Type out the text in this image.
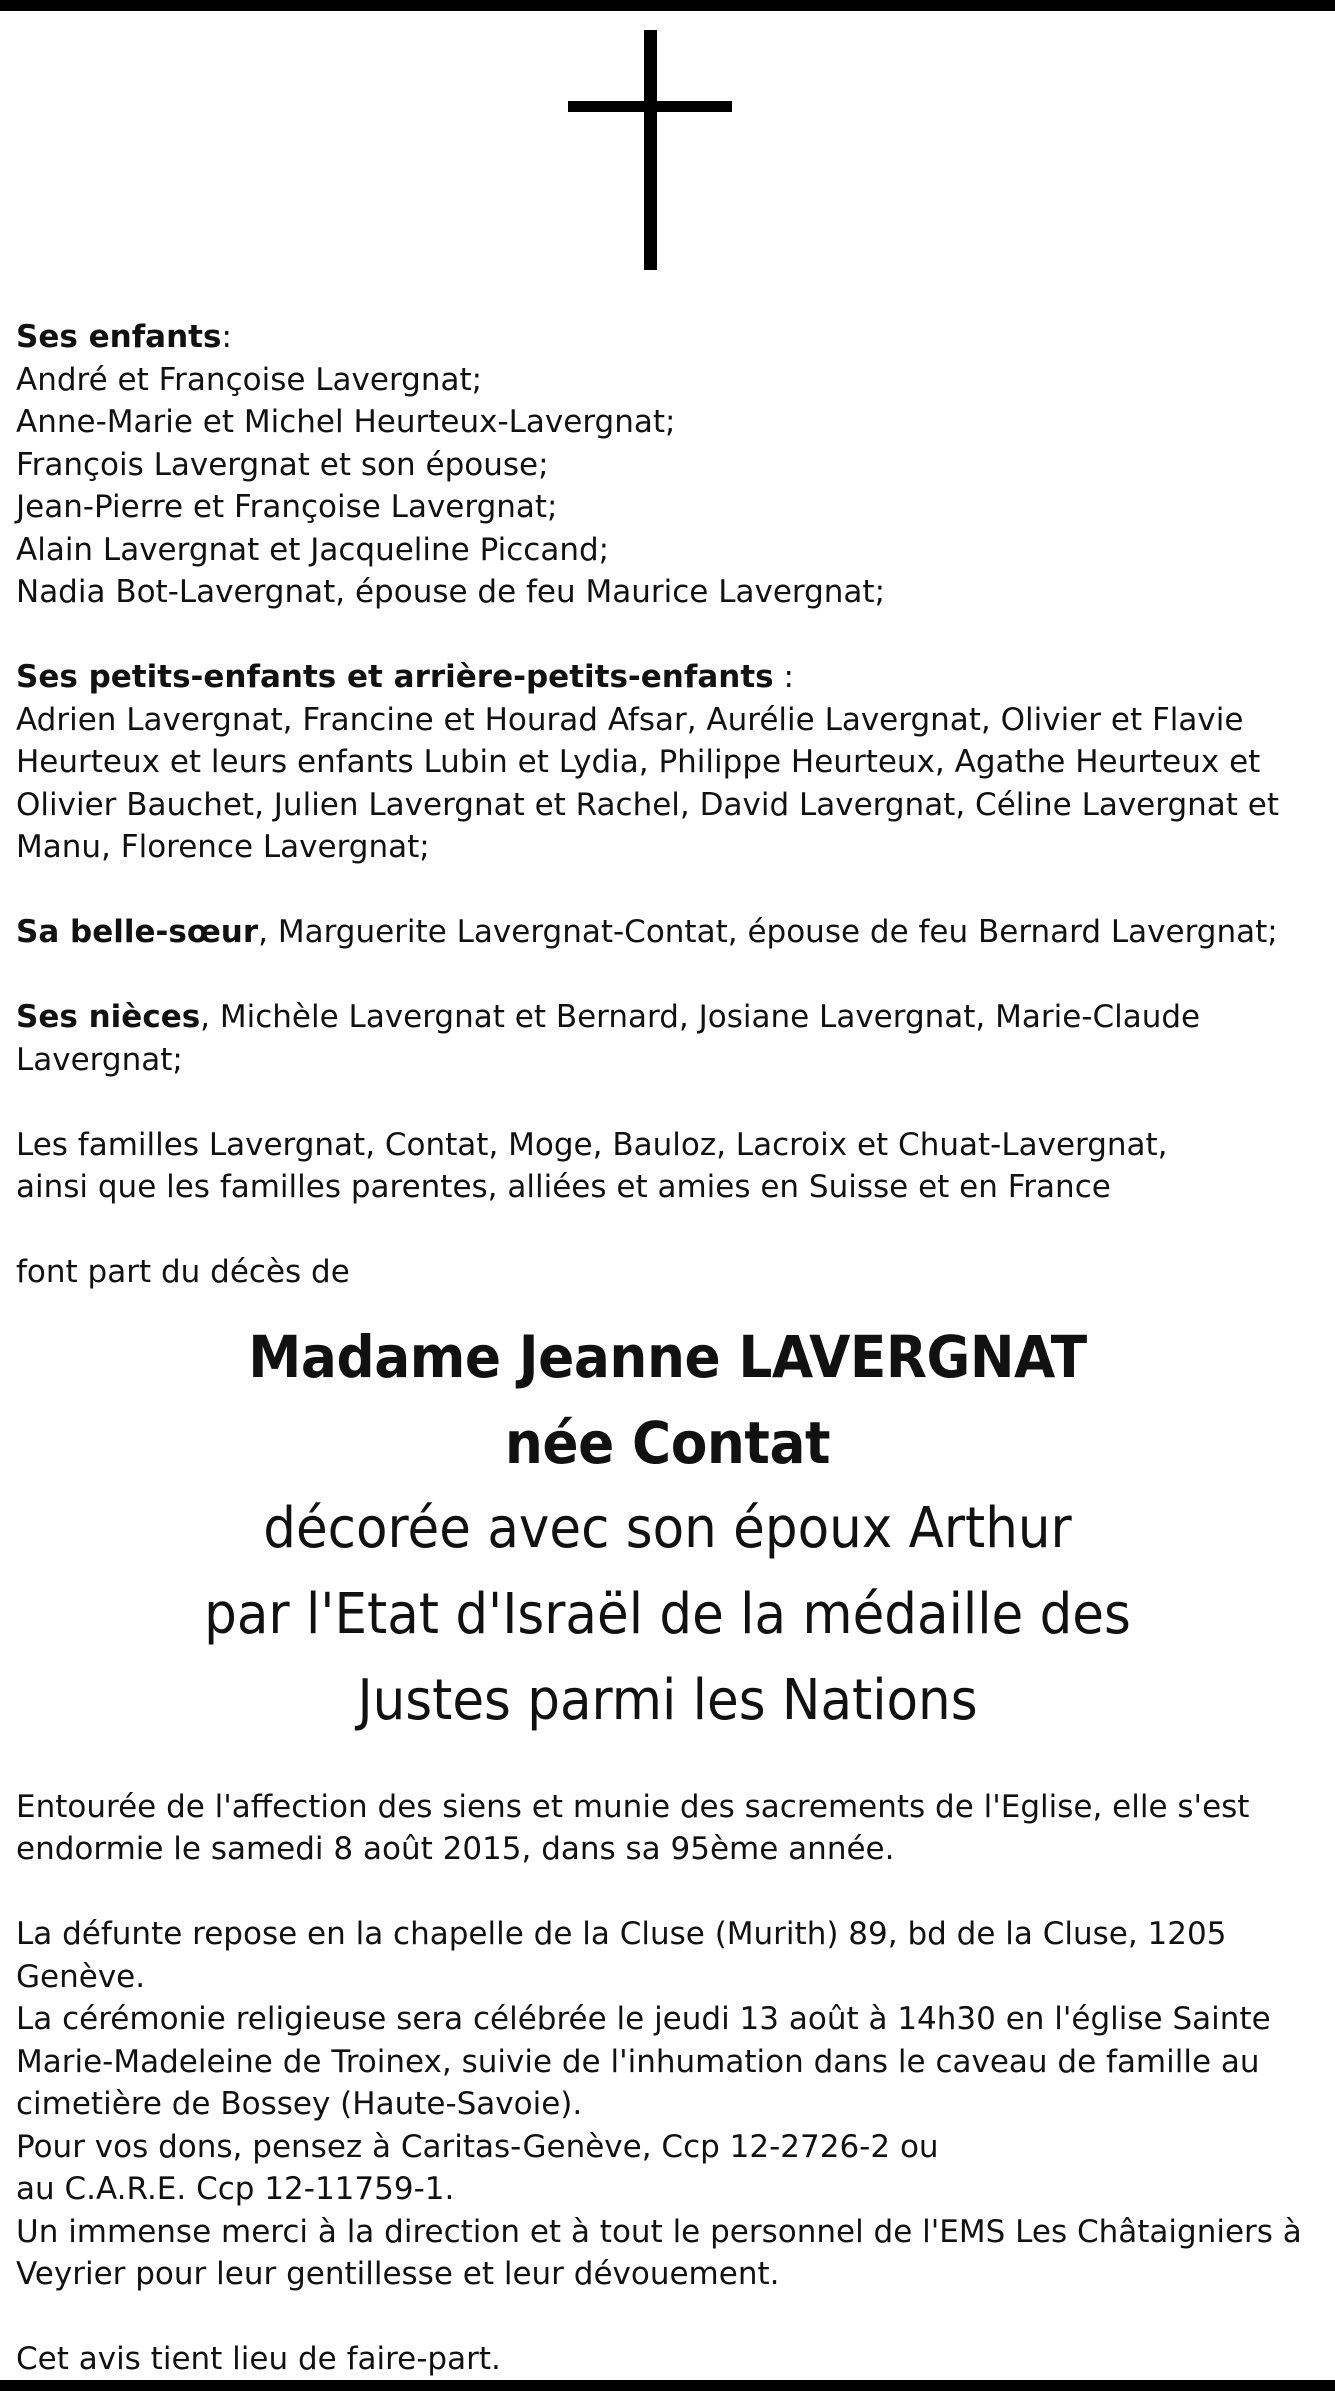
Ses enfants:
André et Françoise Lavergnat;
Anne-Marie et Michel Heurteux-Lavergnat;
François Lavergnat et son épouse;
Jean-Pierre et Françoise Lavergnat;
Alain Lavergnat et Jacqueline Piccand;
Nadia Bot-Lavergnat, épouse de feu Maurice Lavergnat;
Ses petits-enfants et arrière-petits-enfants :
Adrien Lavergnat, Francine et Hourad Afsar, Aurélie Lavergnat, Olivier et Flavie
Heurteux et leurs enfants Lubin et Lydia, Philippe Heurteux, Agathe Heurteux et
Olivier Bauchet, Julien Lavergnat et Rachel, David Lavergnat, Céline Lavergnat et
Manu, Florence Lavergnat;
Sa belle-sœur, Marguerite Lavergnat-Contat, épouse de feu Bernard Lavergnat;
Ses nièces, Michèle Lavergnat et Bernard, Josiane Lavergnat, Marie-Claude
Lavergnat;
Les familles Lavergnat, Contat, Moge, Bauloz, Lacroix et Chuat-Lavergnat,
ainsi que les familles parentes, alliées et amies en Suisse et en France
font part du décès de
Madame Jeanne LAVERGNAT
née Contat
décorée avec son époux Arthur
par l'Etat d'Israël de la médaille des
Justes parmi les Nations
Entourée de l'affection des siens et munie des sacrements de l'Eglise, elle s'est
endormie le samedi 8 août 2015, dans sa 95ème année.
La défunte repose en la chapelle de la Cluse (Murith) 89, bd de la Cluse, 1205
Genève.
La cérémonie religieuse sera célébrée le jeudi 13 août à 14h30 en l'église Sainte
Marie-Madeleine de Troinex, suivie de l'inhumation dans le caveau de famille au
cimetière de Bossey (Haute-Savoie).
Pour vos dons, pensez à Caritas-Genève, Ccp 12-2726-2 ou
au C.A.R.E. Ccp 12-11759-1.
Un immense merci à la direction et à tout le personnel de l'EMS Les Châtaigniers à
Veyrier pour leur gentillesse et leur dévouement.
Cet avis tient lieu de faire-part.
